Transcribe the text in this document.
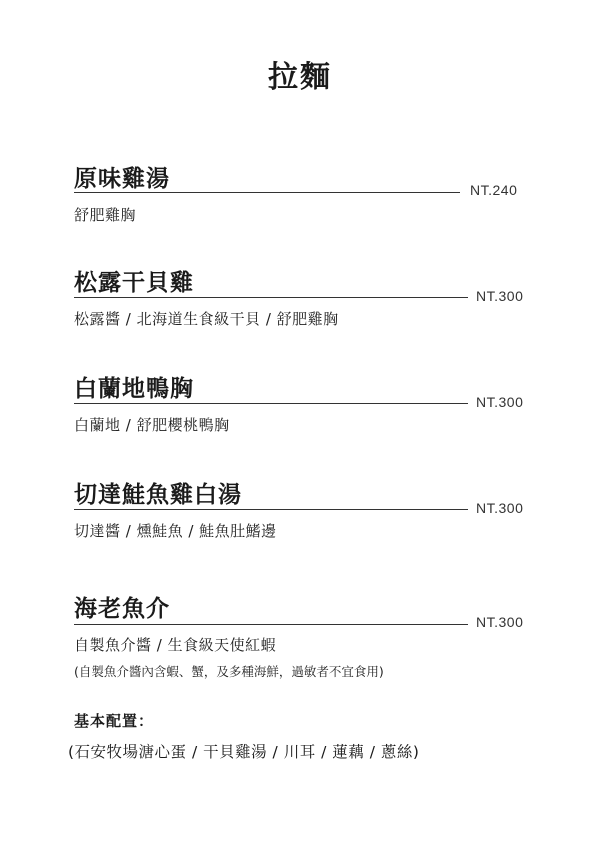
拉麵
原味雞湯	NT.240
舒肥雞胸
松露干貝雞	NT.300
松露醬 / 北海道生食級干貝 / 舒肥雞胸
白蘭地鴨胸	NT.300
白蘭地 / 舒肥櫻桃鴨胸
切達鮭魚雞白湯	NT.300
切達醬 / 燻鮭魚 / 鮭魚肚鰭邊
海老魚介	NT.300
自製魚介醬 / 生食級天使紅蝦
(自製魚介醬內含蝦、蟹，及多種海鮮，過敏者不宜食用)
基本配置：
(石安牧場溏心蛋 / 干貝雞湯 / 川耳 / 蓮藕 / 蔥絲)
